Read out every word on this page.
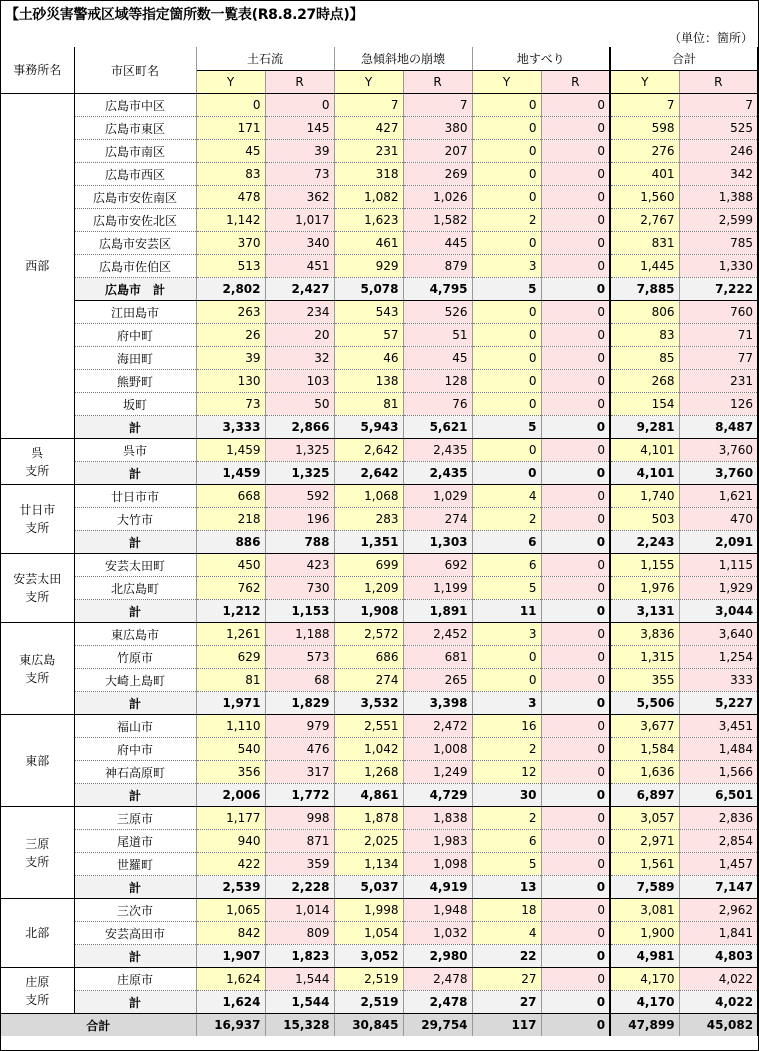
【土砂災害警戒区域等指定箇所数一覧表(R8.8.27時点)】
（単位：箇所）
事務所名	市区町名	土石流		急傾斜地の崩壊		地すべり		合計	
		Y	R	Y	R	Y	R	Y	R
西部	広島市中区	0	0	7	7	0	0	7	7
	広島市東区	171	145	427	380	0	0	598	525
	広島市南区	45	39	231	207	0	0	276	246
	広島市西区	83	73	318	269	0	0	401	342
	広島市安佐南区	478	362	1,082	1,026	0	0	1,560	1,388
	広島市安佐北区	1,142	1,017	1,623	1,582	2	0	2,767	2,599
	広島市安芸区	370	340	461	445	0	0	831	785
	広島市佐伯区	513	451	929	879	3	0	1,445	1,330
	広島市　計	2,802	2,427	5,078	4,795	5	0	7,885	7,222
	江田島市	263	234	543	526	0	0	806	760
	府中町	26	20	57	51	0	0	83	71
	海田町	39	32	46	45	0	0	85	77
	熊野町	130	103	138	128	0	0	268	231
	坂町	73	50	81	76	0	0	154	126
	計	3,333	2,866	5,943	5,621	5	0	9,281	8,487
呉
支所	呉市	1,459	1,325	2,642	2,435	0	0	4,101	3,760
	計	1,459	1,325	2,642	2,435	0	0	4,101	3,760
廿日市
支所	廿日市市	668	592	1,068	1,029	4	0	1,740	1,621
	大竹市	218	196	283	274	2	0	503	470
	計	886	788	1,351	1,303	6	0	2,243	2,091
安芸太田
支所	安芸太田町	450	423	699	692	6	0	1,155	1,115
	北広島町	762	730	1,209	1,199	5	0	1,976	1,929
	計	1,212	1,153	1,908	1,891	11	0	3,131	3,044
東広島
支所	東広島市	1,261	1,188	2,572	2,452	3	0	3,836	3,640
	竹原市	629	573	686	681	0	0	1,315	1,254
	大崎上島町	81	68	274	265	0	0	355	333
	計	1,971	1,829	3,532	3,398	3	0	5,506	5,227
東部	福山市	1,110	979	2,551	2,472	16	0	3,677	3,451
	府中市	540	476	1,042	1,008	2	0	1,584	1,484
	神石高原町	356	317	1,268	1,249	12	0	1,636	1,566
	計	2,006	1,772	4,861	4,729	30	0	6,897	6,501
三原
支所	三原市	1,177	998	1,878	1,838	2	0	3,057	2,836
	尾道市	940	871	2,025	1,983	6	0	2,971	2,854
	世羅町	422	359	1,134	1,098	5	0	1,561	1,457
	計	2,539	2,228	5,037	4,919	13	0	7,589	7,147
北部	三次市	1,065	1,014	1,998	1,948	18	0	3,081	2,962
	安芸高田市	842	809	1,054	1,032	4	0	1,900	1,841
	計	1,907	1,823	3,052	2,980	22	0	4,981	4,803
庄原
支所	庄原市	1,624	1,544	2,519	2,478	27	0	4,170	4,022
	計	1,624	1,544	2,519	2,478	27	0	4,170	4,022
合計		16,937	15,328	30,845	29,754	117	0	47,899	45,082
